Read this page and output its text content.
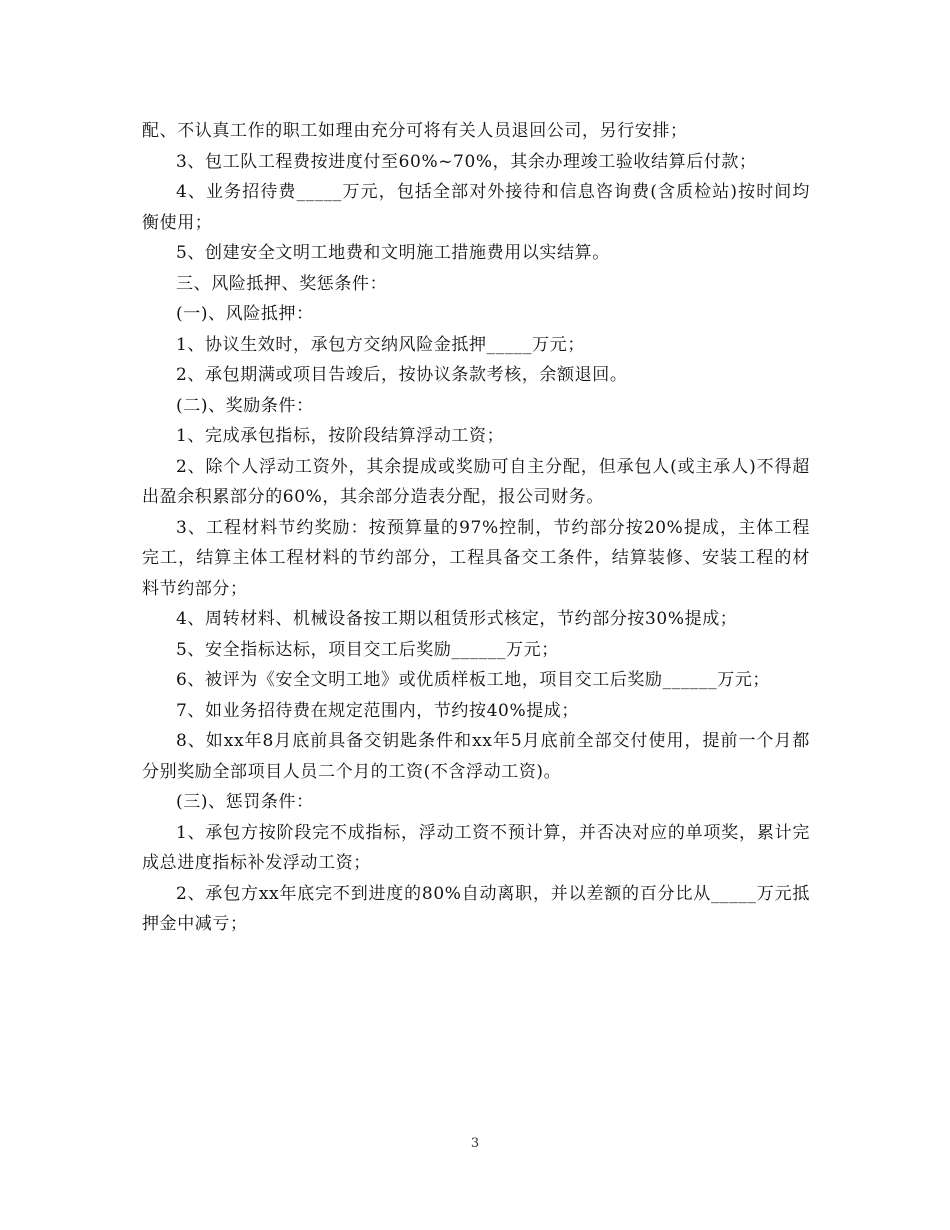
配、不认真工作的职工如理由充分可将有关人员退回公司，另行安排；

3、包工队工程费按进度付至60%~70%，其余办理竣工验收结算后付款；

4、业务招待费_____万元，包括全部对外接待和信息咨询费(含质检站)按时间均衡使用；

5、创建安全文明工地费和文明施工措施费用以实结算。

三、风险抵押、奖惩条件：

(一)、风险抵押：

1、协议生效时，承包方交纳风险金抵押_____万元；

2、承包期满或项目告竣后，按协议条款考核，余额退回。

(二)、奖励条件：

1、完成承包指标，按阶段结算浮动工资；

2、除个人浮动工资外，其余提成或奖励可自主分配，但承包人(或主承人)不得超出盈余积累部分的60%，其余部分造表分配，报公司财务。

3、工程材料节约奖励：按预算量的97%控制，节约部分按20%提成，主体工程完工，结算主体工程材料的节约部分，工程具备交工条件，结算装修、安装工程的材料节约部分；

4、周转材料、机械设备按工期以租赁形式核定，节约部分按30%提成；

5、安全指标达标，项目交工后奖励______万元；

6、被评为《安全文明工地》或优质样板工地，项目交工后奖励______万元；

7、如业务招待费在规定范围内，节约按40%提成；

8、如xx年8月底前具备交钥匙条件和xx年5月底前全部交付使用，提前一个月都分别奖励全部项目人员二个月的工资(不含浮动工资)。

(三)、惩罚条件：

1、承包方按阶段完不成指标，浮动工资不预计算，并否决对应的单项奖，累计完成总进度指标补发浮动工资；

2、承包方xx年底完不到进度的80%自动离职，并以差额的百分比从_____万元抵押金中减亏；

3
